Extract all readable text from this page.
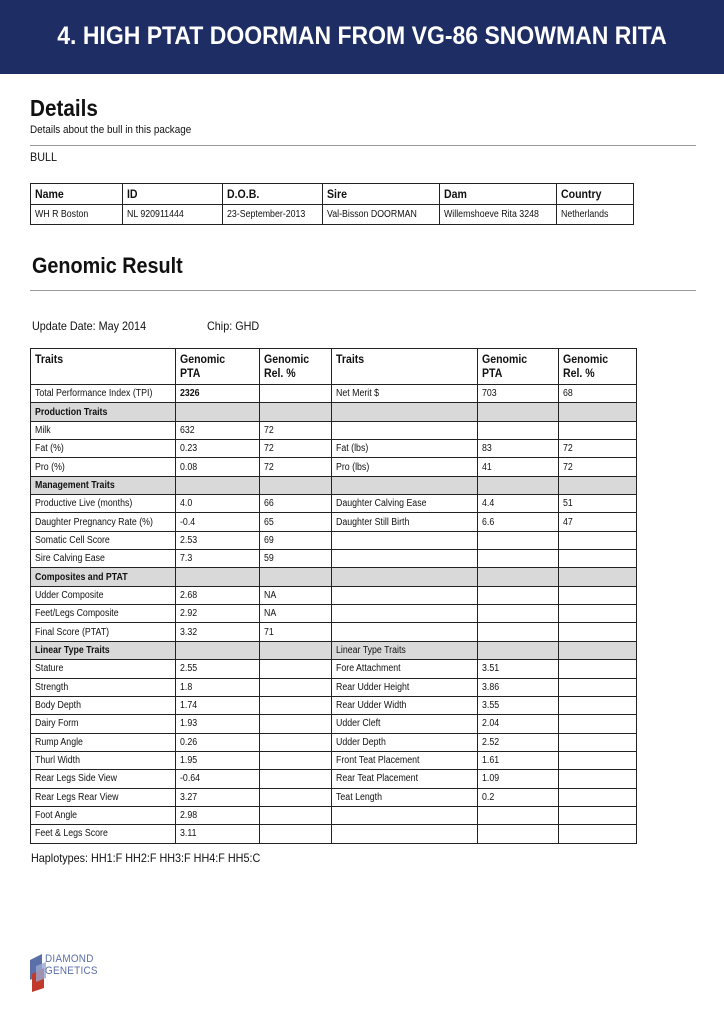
4. HIGH PTAT DOORMAN FROM VG-86 SNOWMAN RITA
Details
Details about the bull in this package
BULL
Name	ID	D.O.B.	Sire	Dam	Country
WH R Boston	NL 920911444	23-September-2013	Val-Bisson DOORMAN	Willemshoeve Rita 3248	Netherlands
Genomic Result
Update Date: May 2014	Chip: GHD
Traits	Genomic PTA	Genomic Rel. %	Traits	Genomic PTA	Genomic Rel. %
Total Performance Index (TPI)	2326		Net Merit $	703	68
Production Traits					
Milk	632	72			
Fat (%)	0.23	72	Fat (lbs)	83	72
Pro (%)	0.08	72	Pro (lbs)	41	72
Management Traits					
Productive Live (months)	4.0	66	Daughter Calving Ease	4.4	51
Daughter Pregnancy Rate (%)	-0.4	65	Daughter Still Birth	6.6	47
Somatic Cell Score	2.53	69			
Sire Calving Ease	7.3	59			
Composites and PTAT					
Udder Composite	2.68	NA			
Feet/Legs Composite	2.92	NA			
Final Score (PTAT)	3.32	71			
Linear Type Traits			Linear Type Traits		
Stature	2.55		Fore Attachment	3.51	
Strength	1.8		Rear Udder Height	3.86	
Body Depth	1.74		Rear Udder Width	3.55	
Dairy Form	1.93		Udder Cleft	2.04	
Rump Angle	0.26		Udder Depth	2.52	
Thurl Width	1.95		Front Teat Placement	1.61	
Rear Legs Side View	-0.64		Rear Teat Placement	1.09	
Rear Legs Rear View	3.27		Teat Length	0.2	
Foot Angle	2.98				
Feet & Legs Score	3.11				
Haplotypes: HH1:F HH2:F HH3:F HH4:F HH5:C
DIAMOND
GENETICS
